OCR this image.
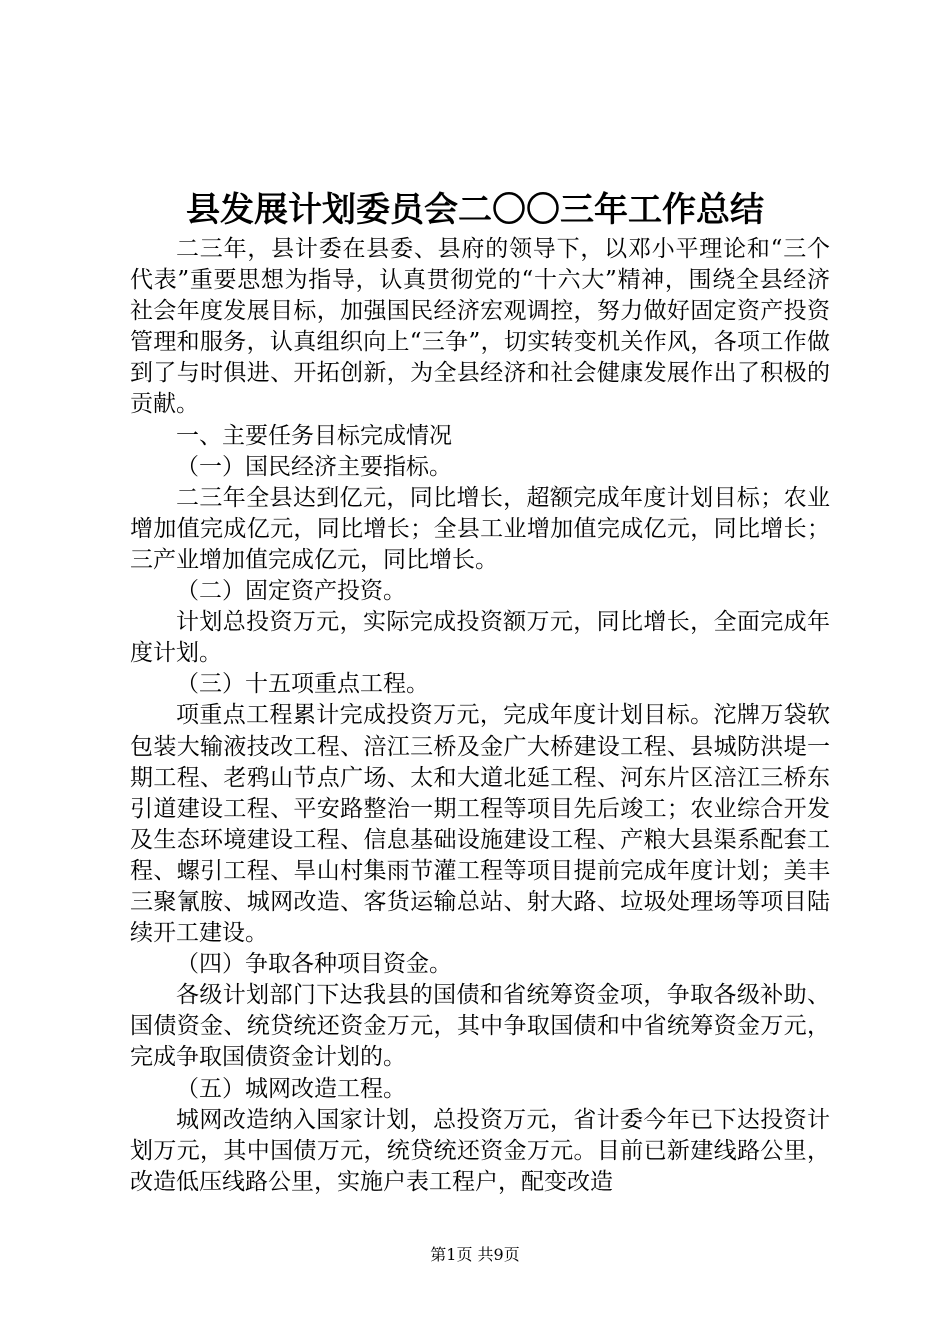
县发展计划委员会二〇〇三年工作总结

二三年，县计委在县委、县府的领导下，以邓小平理论和“三个代表”重要思想为指导，认真贯彻党的“十六大”精神，围绕全县经济社会年度发展目标，加强国民经济宏观调控，努力做好固定资产投资管理和服务，认真组织向上“三争”，切实转变机关作风，各项工作做到了与时俱进、开拓创新，为全县经济和社会健康发展作出了积极的贡献。

一、主要任务目标完成情况

（一）国民经济主要指标。

二三年全县达到亿元，同比增长，超额完成年度计划目标；农业增加值完成亿元，同比增长；全县工业增加值完成亿元，同比增长；三产业增加值完成亿元，同比增长。

（二）固定资产投资。

计划总投资万元，实际完成投资额万元，同比增长，全面完成年度计划。

（三）十五项重点工程。

项重点工程累计完成投资万元，完成年度计划目标。沱牌万袋软包装大输液技改工程、涪江三桥及金广大桥建设工程、县城防洪堤一期工程、老鸦山节点广场、太和大道北延工程、河东片区涪江三桥东引道建设工程、平安路整治一期工程等项目先后竣工；农业综合开发及生态环境建设工程、信息基础设施建设工程、产粮大县渠系配套工程、螺引工程、旱山村集雨节灌工程等项目提前完成年度计划；美丰三聚氰胺、城网改造、客货运输总站、射大路、垃圾处理场等项目陆续开工建设。

（四）争取各种项目资金。

各级计划部门下达我县的国债和省统筹资金项，争取各级补助、国债资金、统贷统还资金万元，其中争取国债和中省统筹资金万元，完成争取国债资金计划的。

（五）城网改造工程。

城网改造纳入国家计划，总投资万元，省计委今年已下达投资计划万元，其中国债万元，统贷统还资金万元。目前已新建线路公里，改造低压线路公里，实施户表工程户，配变改造

第1页 共9页
